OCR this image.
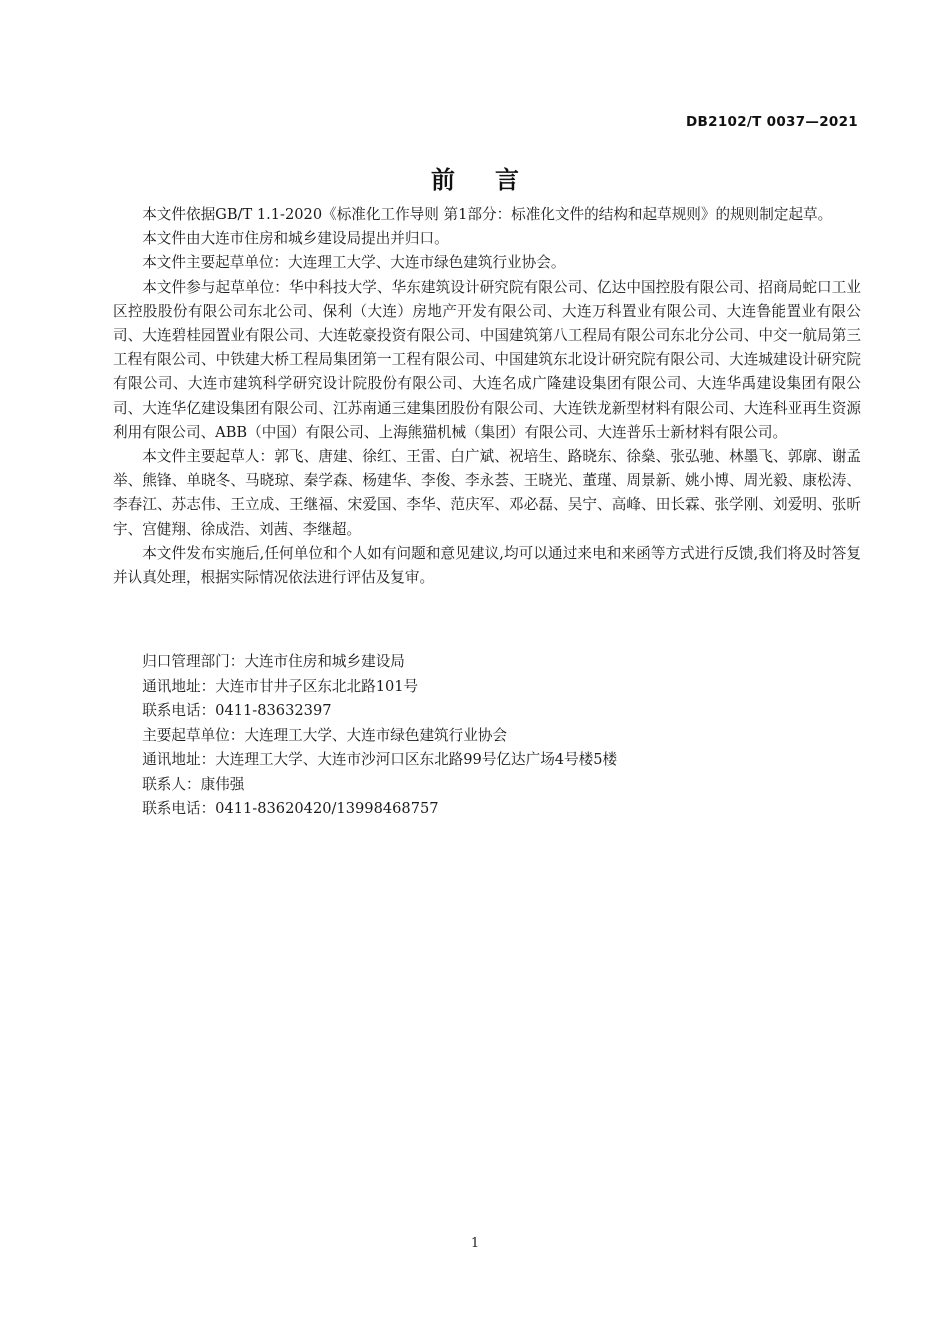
DB2102/T 0037—2021
前言

本文件依据GB/T 1.1-2020《标准化工作导则 第1部分：标准化文件的结构和起草规则》的规则制定起草。

本文件由大连市住房和城乡建设局提出并归口。

本文件主要起草单位：大连理工大学、大连市绿色建筑行业协会。

本文件参与起草单位：华中科技大学、华东建筑设计研究院有限公司、亿达中国控股有限公司、招商局蛇口工业区控股股份有限公司东北公司、保利（大连）房地产开发有限公司、大连万科置业有限公司、大连鲁能置业有限公司、大连碧桂园置业有限公司、大连乾豪投资有限公司、中国建筑第八工程局有限公司东北分公司、中交一航局第三工程有限公司、中铁建大桥工程局集团第一工程有限公司、中国建筑东北设计研究院有限公司、大连城建设计研究院有限公司、大连市建筑科学研究设计院股份有限公司、大连名成广隆建设集团有限公司、大连华禹建设集团有限公司、大连华亿建设集团有限公司、江苏南通三建集团股份有限公司、大连铁龙新型材料有限公司、大连科亚再生资源利用有限公司、ABB（中国）有限公司、上海熊猫机械（集团）有限公司、大连普乐士新材料有限公司。

本文件主要起草人：郭飞、唐建、徐红、王雷、白广斌、祝培生、路晓东、徐燊、张弘驰、林墨飞、郭廓、谢孟举、熊锋、单晓冬、马晓琼、秦学森、杨建华、李俊、李永荟、王晓光、董瑾、周景新、姚小博、周光毅、康松涛、李春江、苏志伟、王立成、王继福、宋爱国、李华、范庆军、邓必磊、吴宁、高峰、田长霖、张学刚、刘爱明、张昕宇、宫健翔、徐成浩、刘茜、李继超。

本文件发布实施后,任何单位和个人如有问题和意见建议,均可以通过来电和来函等方式进行反馈,我们将及时答复并认真处理，根据实际情况依法进行评估及复审。

归口管理部门：大连市住房和城乡建设局

通讯地址：大连市甘井子区东北北路101号

联系电话：0411-83632397

主要起草单位：大连理工大学、大连市绿色建筑行业协会

通讯地址：大连理工大学、大连市沙河口区东北路99号亿达广场4号楼5楼

联系人：康伟强

联系电话：0411-83620420/13998468757

1
